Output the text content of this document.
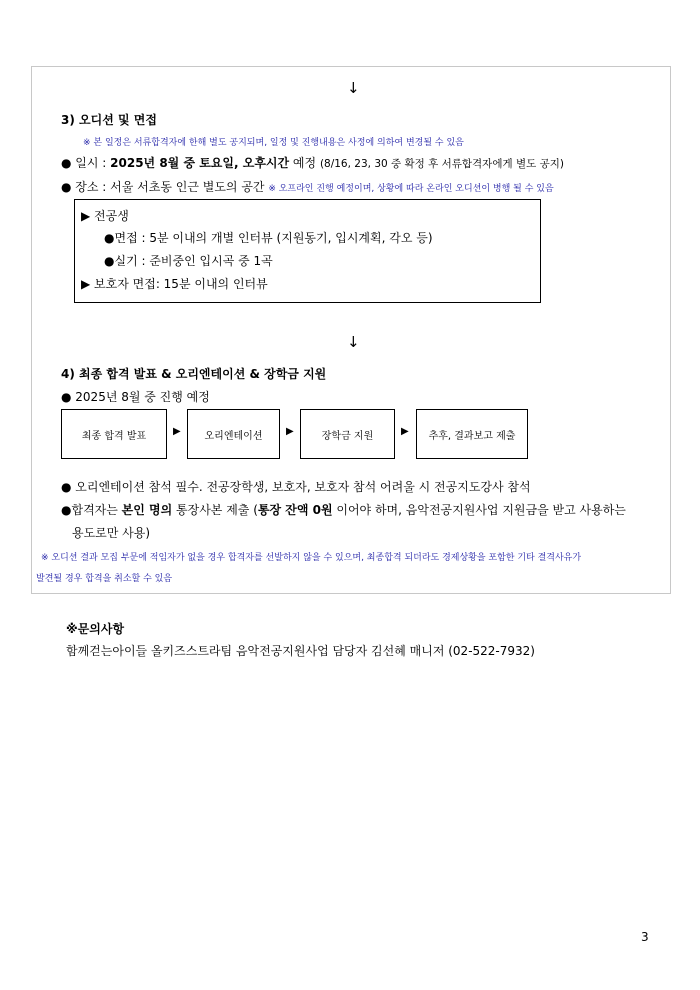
↓
3) 오디션 및 면접
※ 본 일정은 서류합격자에 한해 별도 공지되며, 일정 및 진행내용은 사정에 의하여 변경될 수 있음
● 일시 : 2025년 8월 중 토요일, 오후시간 예정 (8/16, 23, 30 중 확정 후 서류합격자에게 별도 공지)
● 장소 : 서울 서초동 인근 별도의 공간 ※ 오프라인 진행 예정이며, 상황에 따라 온라인 오디션이 병행 될 수 있음
▶ 전공생
●면접 : 5분 이내의 개별 인터뷰 (지원동기, 입시계획, 각오 등)
●실기 : 준비중인 입시곡 중 1곡
▶ 보호자 면접: 15분 이내의 인터뷰
↓
4) 최종 합격 발표 & 오리엔테이션 & 장학금 지원
● 2025년 8월 중 진행 예정
최종 합격 발표	▶	오리엔테이션	▶	장학금 지원	▶	추후, 결과보고 제출
● 오리엔테이션 참석 필수. 전공장학생, 보호자, 보호자 참석 어려울 시 전공지도강사 참석
●합격자는 본인 명의 통장사본 제출 (통장 잔액 0원 이어야 하며, 음악전공지원사업 지원금을 받고 사용하는
용도로만 사용)
※ 오디션 결과 모집 부문에 적임자가 없을 경우 합격자를 선발하지 않을 수 있으며, 최종합격 되더라도 경제상황을 포함한 기타 결격사유가
발견될 경우 합격을 취소할 수 있음
※문의사항
함께걷는아이들 올키즈스트라팀 음악전공지원사업 담당자 김선혜 매니저 (02-522-7932)
3
